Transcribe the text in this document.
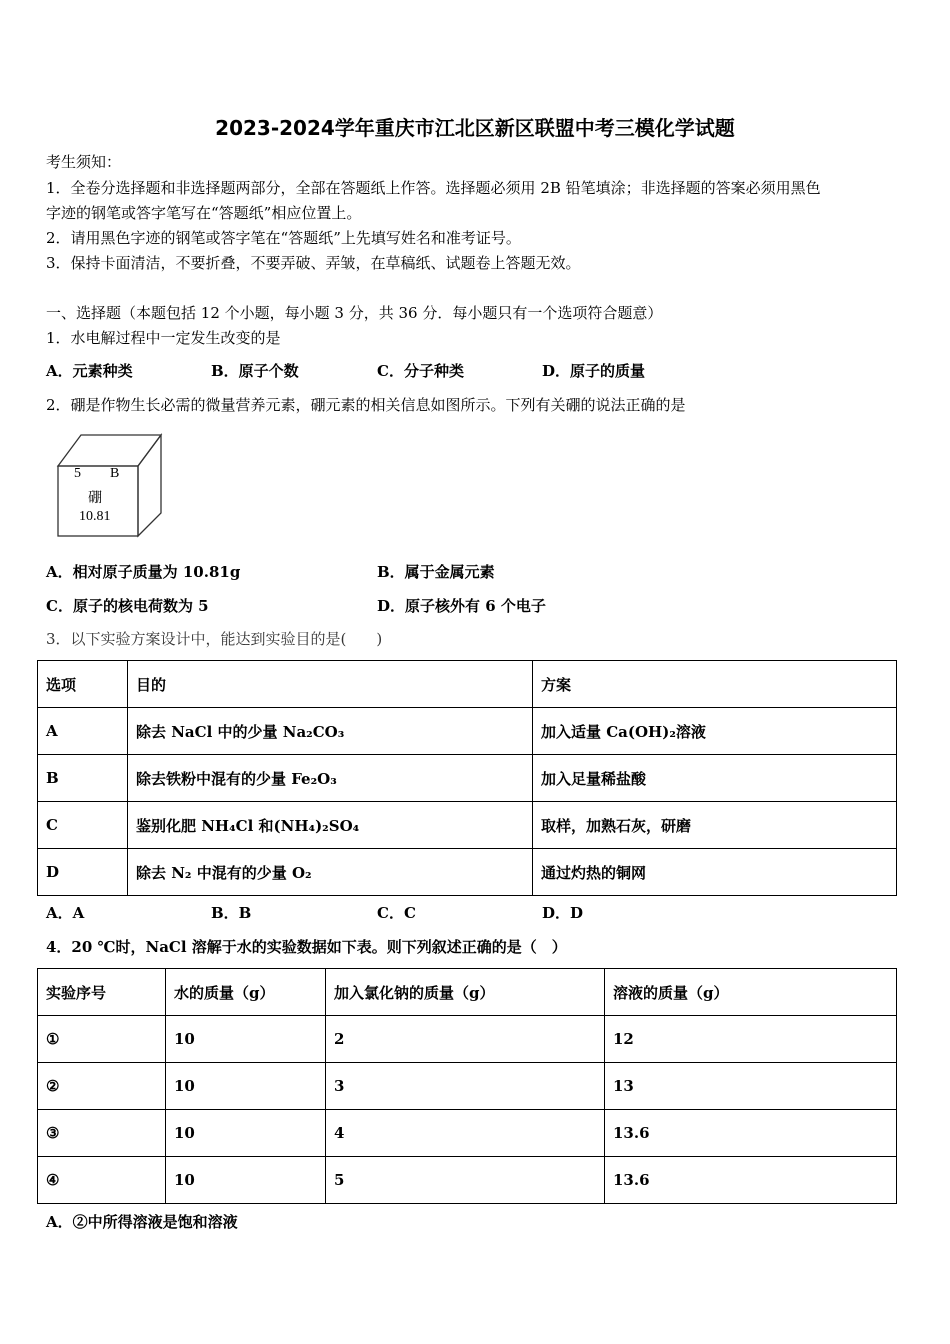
2023-2024学年重庆市江北区新区联盟中考三模化学试题
考生须知：
1．全卷分选择题和非选择题两部分，全部在答题纸上作答。选择题必须用 2B 铅笔填涂；非选择题的答案必须用黑色
字迹的钢笔或答字笔写在“答题纸”相应位置上。
2．请用黑色字迹的钢笔或答字笔在“答题纸”上先填写姓名和准考证号。
3．保持卡面清洁，不要折叠，不要弄破、弄皱，在草稿纸、试题卷上答题无效。
一、选择题（本题包括 12 个小题，每小题 3 分，共 36 分．每小题只有一个选项符合题意）
1．水电解过程中一定发生改变的是
A．元素种类	B．原子个数	C．分子种类	D．原子的质量
2．硼是作物生长必需的微量营养元素，硼元素的相关信息如图所示。下列有关硼的说法正确的是
5 B
硼
10.81
A．相对原子质量为 10.81g	B．属于金属元素
C．原子的核电荷数为 5	D．原子核外有 6 个电子
3．以下实验方案设计中，能达到实验目的是(　　)
选项	目的	方案
A	除去 NaCl 中的少量 Na₂CO₃	加入适量 Ca(OH)₂溶液
B	除去铁粉中混有的少量 Fe₂O₃	加入足量稀盐酸
C	鉴别化肥 NH₄Cl 和(NH₄)₂SO₄	取样，加熟石灰，研磨
D	除去 N₂ 中混有的少量 O₂	通过灼热的铜网
A．A	B．B	C．C	D．D
4．20 ℃时，NaCl 溶解于水的实验数据如下表。则下列叙述正确的是（　）
实验序号	水的质量（g）	加入氯化钠的质量（g）	溶液的质量（g）
①	10	2	12
②	10	3	13
③	10	4	13.6
④	10	5	13.6
A．②中所得溶液是饱和溶液
